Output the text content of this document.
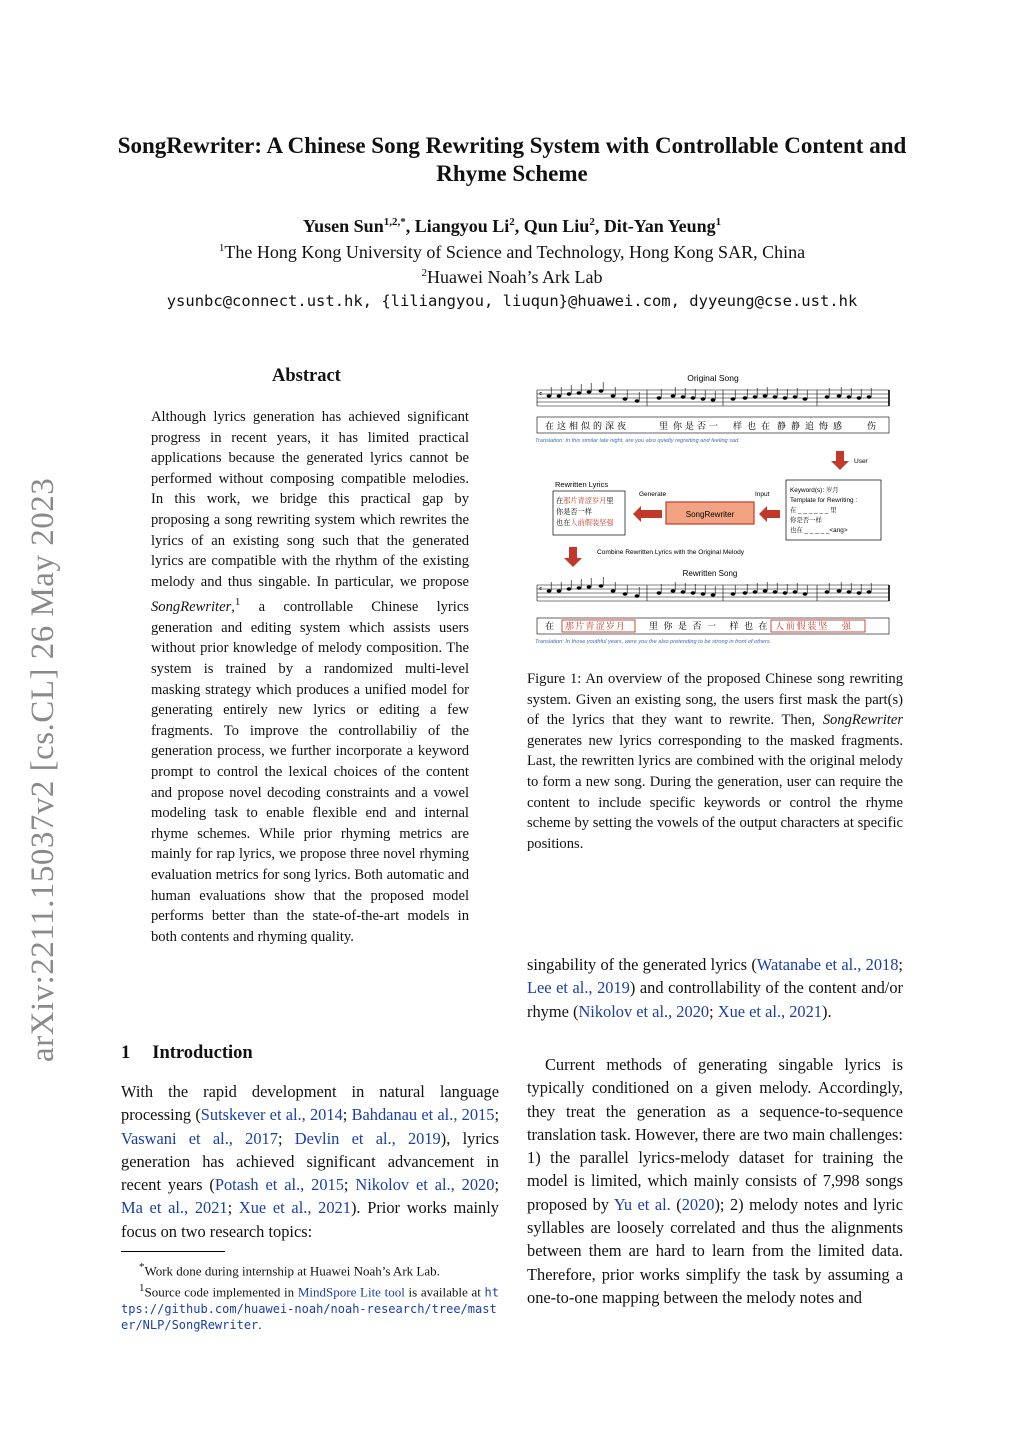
arXiv:2211.15037v2 [cs.CL] 26 May 2023
SongRewriter: A Chinese Song Rewriting System with Controllable Content and Rhyme Scheme
Yusen Sun$^{1,2,*}$, Liangyou Li$^2$, Qun Liu$^2$, Dit-Yan Yeung$^1$
$^1$The Hong Kong University of Science and Technology, Hong Kong SAR, China
$^2$Huawei Noah’s Ark Lab
ysunbc@connect.ust.hk, {liliangyou, liuqun}@huawei.com, dyyeung@cse.ust.hk
Abstract
Although lyrics generation has achieved significant progress in recent years, it has limited practical applications because the generated lyrics cannot be performed without composing compatible melodies. In this work, we bridge this practical gap by proposing a song rewriting system which rewrites the lyrics of an existing song such that the generated lyrics are compatible with the rhythm of the existing melody and thus singable. In particular, we propose SongRewriter,$^1$ a controllable Chinese lyrics generation and editing system which assists users without prior knowledge of melody composition. The system is trained by a randomized multi-level masking strategy which produces a unified model for generating entirely new lyrics or editing a few fragments. To improve the controllabiliy of the generation process, we further incorporate a keyword prompt to control the lexical choices of the content and propose novel decoding constraints and a vowel modeling task to enable flexible end and internal rhyme schemes. While prior rhyming metrics are mainly for rap lyrics, we propose three novel rhyming evaluation metrics for song lyrics. Both automatic and human evaluations show that the proposed model performs better than the state-of-the-art models in both contents and rhyming quality.
1 Introduction
With the rapid development in natural language processing (Sutskever et al., 2014; Bahdanau et al., 2015; Vaswani et al., 2017; Devlin et al., 2019), lyrics generation has achieved significant advancement in recent years (Potash et al., 2015; Nikolov et al., 2020; Ma et al., 2021; Xue et al., 2021). Prior works mainly focus on two research topics:
*Work done during internship at Huawei Noah’s Ark Lab.
$^1$Source code implemented in MindSpore Lite tool is available at https://github.com/huawei-noah/noah-research/tree/master/NLP/SongRewriter.
Original Song
𝄴
在 这 相 似 的 深 夜	里 你 是 否 一 样 也 在 静 静 追 悔 感	伤
Translation: In this similar late night, are you also quietly regretting and feeling sad.
User
Rewritten Lyrics
在那片青涩岁月里
你是否一样
也在人前假装坚强
Generate
SongRewriter
Input
Keyword(s): 岁月
Template for Rewriting :
在 _ _ _ _ _ _ 里
你是否一样
也在 _ _ _ _ _<ang>
Combine Rewritten Lyrics with the Original Melody
Rewritten Song
𝄴
在 那片青涩岁月	里 你 是 否 一   样 也 在 人前假装坚   强
Translation: In those youthful years, were you the also pretending to be strong in front of others.
Figure 1: An overview of the proposed Chinese song rewriting system. Given an existing song, the users first mask the part(s) of the lyrics that they want to rewrite. Then, SongRewriter generates new lyrics corresponding to the masked fragments. Last, the rewritten lyrics are combined with the original melody to form a new song. During the generation, user can require the content to include specific keywords or control the rhyme scheme by setting the vowels of the output characters at specific positions.
singability of the generated lyrics (Watanabe et al., 2018; Lee et al., 2019) and controllability of the content and/or rhyme (Nikolov et al., 2020; Xue et al., 2021).
Current methods of generating singable lyrics is typically conditioned on a given melody. Accordingly, they treat the generation as a sequence-to-sequence translation task. However, there are two main challenges: 1) the parallel lyrics-melody dataset for training the model is limited, which mainly consists of 7,998 songs proposed by Yu et al. (2020); 2) melody notes and lyric syllables are loosely correlated and thus the alignments between them are hard to learn from the limited data. Therefore, prior works simplify the task by assuming a one-to-one mapping between the melody notes and
